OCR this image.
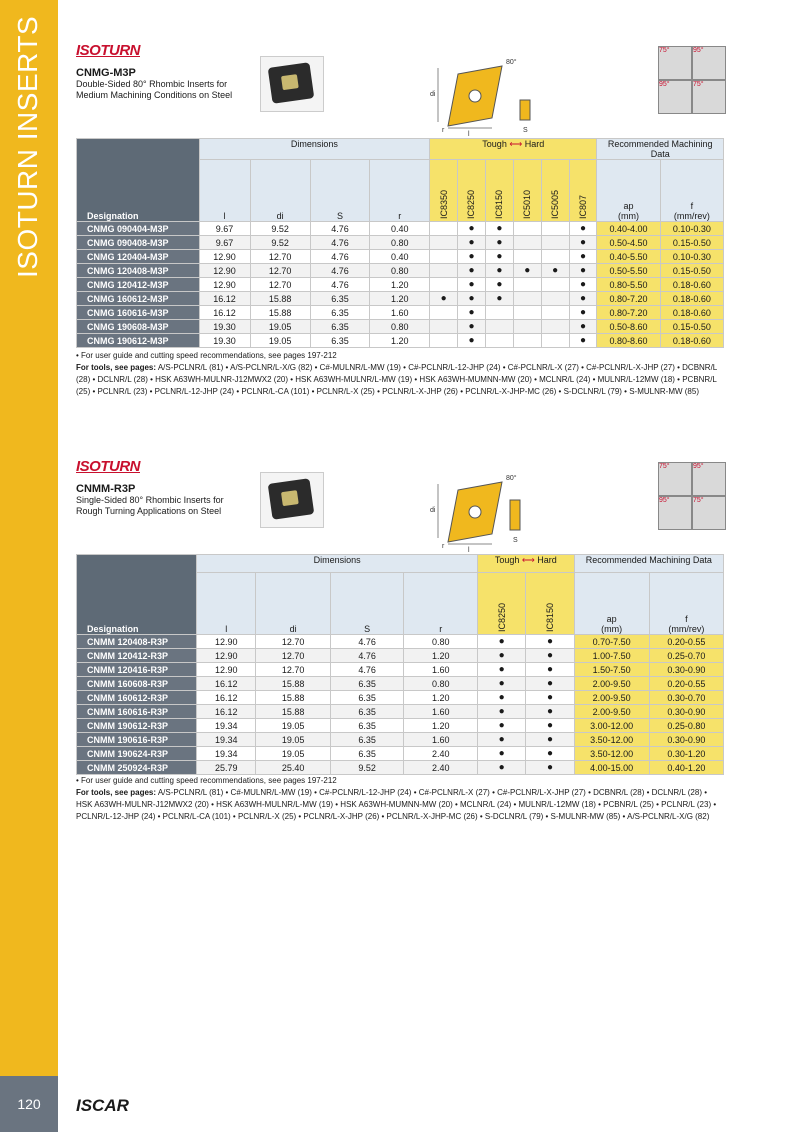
ISOTURN INSERTS
120	ISCAR
ISOTURN
CNMG-M3P
Double-Sided 80° Rhombic Inserts for
Medium Machining Conditions on Steel
80°
di
l
S
r
75°	95°
95°	75°
Designation	Dimensions				Tough ⟷ Hard						Recommended Machining Data	
	l	di	S	r	IC8350	IC8250	IC8150	IC5010	IC5005	IC807	ap
(mm)	f
(mm/rev)
CNMG 090404-M3P	9.67	9.52	4.76	0.40		●	●			●	0.40-4.00	0.10-0.30
CNMG 090408-M3P	9.67	9.52	4.76	0.80		●	●			●	0.50-4.50	0.15-0.50
CNMG 120404-M3P	12.90	12.70	4.76	0.40		●	●			●	0.40-5.50	0.10-0.30
CNMG 120408-M3P	12.90	12.70	4.76	0.80		●	●	●	●	●	0.50-5.50	0.15-0.50
CNMG 120412-M3P	12.90	12.70	4.76	1.20		●	●			●	0.80-5.50	0.18-0.60
CNMG 160612-M3P	16.12	15.88	6.35	1.20	●	●	●			●	0.80-7.20	0.18-0.60
CNMG 160616-M3P	16.12	15.88	6.35	1.60		●				●	0.80-7.20	0.18-0.60
CNMG 190608-M3P	19.30	19.05	6.35	0.80		●				●	0.50-8.60	0.15-0.50
CNMG 190612-M3P	19.30	19.05	6.35	1.20		●				●	0.80-8.60	0.18-0.60
• For user guide and cutting speed recommendations, see pages 197-212
For tools, see pages: A/S-PCLNR/L (81) • A/S-PCLNR/L-X/G (82) • C#-MULNR/L-MW (19) • C#-PCLNR/L-12-JHP (24) • C#-PCLNR/L-X (27) • C#-PCLNR/L-X-JHP (27) • DCBNR/L (28) • DCLNR/L (28) • HSK A63WH-MULNR-J12MWX2 (20) • HSK A63WH-MULNR/L-MW (19) • HSK A63WH-MUMNN-MW (20) • MCLNR/L (24) • MULNR/L-12MW (18) • PCBNR/L (25) • PCLNR/L (23) • PCLNR/L-12-JHP (24) • PCLNR/L-CA (101) • PCLNR/L-X (25) • PCLNR/L-X-JHP (26) • PCLNR/L-X-JHP-MC (26) • S-DCLNR/L (79) • S-MULNR-MW (85)
ISOTURN
CNMM-R3P
Single-Sided 80° Rhombic Inserts for
Rough Turning Applications on Steel
80°
di
l
S
r
75°	95°
95°	75°
Designation	Dimensions				Tough ⟷ Hard		Recommended Machining Data	
	l	di	S	r	IC8250	IC8150	ap
(mm)	f
(mm/rev)
CNMM 120408-R3P	12.90	12.70	4.76	0.80	●	●	0.70-7.50	0.20-0.55
CNMM 120412-R3P	12.90	12.70	4.76	1.20	●	●	1.00-7.50	0.25-0.70
CNMM 120416-R3P	12.90	12.70	4.76	1.60	●	●	1.50-7.50	0.30-0.90
CNMM 160608-R3P	16.12	15.88	6.35	0.80	●	●	2.00-9.50	0.20-0.55
CNMM 160612-R3P	16.12	15.88	6.35	1.20	●	●	2.00-9.50	0.30-0.70
CNMM 160616-R3P	16.12	15.88	6.35	1.60	●	●	2.00-9.50	0.30-0.90
CNMM 190612-R3P	19.34	19.05	6.35	1.20	●	●	3.00-12.00	0.25-0.80
CNMM 190616-R3P	19.34	19.05	6.35	1.60	●	●	3.50-12.00	0.30-0.90
CNMM 190624-R3P	19.34	19.05	6.35	2.40	●	●	3.50-12.00	0.30-1.20
CNMM 250924-R3P	25.79	25.40	9.52	2.40	●	●	4.00-15.00	0.40-1.20
• For user guide and cutting speed recommendations, see pages 197-212
For tools, see pages: A/S-PCLNR/L (81) • C#-MULNR/L-MW (19) • C#-PCLNR/L-12-JHP (24) • C#-PCLNR/L-X (27) • C#-PCLNR/L-X-JHP (27) • DCBNR/L (28) • DCLNR/L (28) • HSK A63WH-MULNR-J12MWX2 (20) • HSK A63WH-MULNR/L-MW (19) • HSK A63WH-MUMNN-MW (20) • MCLNR/L (24) • MULNR/L-12MW (18) • PCBNR/L (25) • PCLNR/L (23) • PCLNR/L-12-JHP (24) • PCLNR/L-CA (101) • PCLNR/L-X (25) • PCLNR/L-X-JHP (26) • PCLNR/L-X-JHP-MC (26) • S-DCLNR/L (79) • S-MULNR-MW (85) • A/S-PCLNR/L-X/G (82)
